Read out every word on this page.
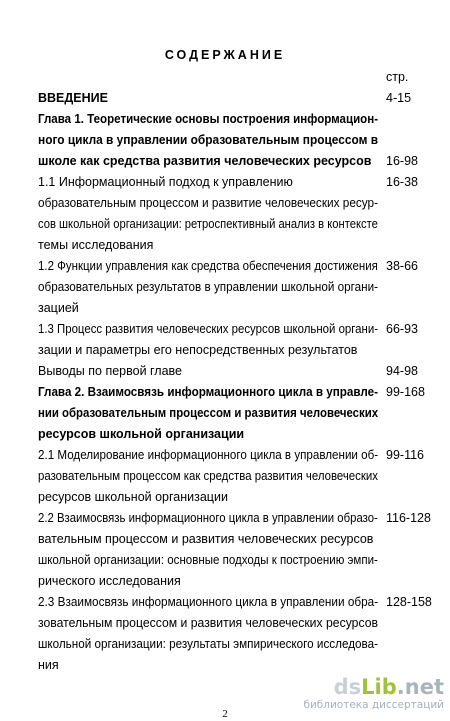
СОДЕРЖАНИЕ
стр.
ВВЕДЕНИЕ	4-15
Глава 1. Теоретические основы построения информацион-
ного цикла в управлении образовательным процессом в
школе как средства развития человеческих ресурсов 16-98
1.1 Информационный подход к управлению	16-38
образовательным процессом и развитие человеческих ресур-
сов школьной организации: ретроспективный анализ в контексте
темы исследования
1.2 Функции управления как средства обеспечения достижения 38-66
образовательных результатов в управлении школьной органи-
зацией
1.3 Процесс развития человеческих ресурсов школьной органи- 66-93
зации и параметры его непосредственных результатов
Выводы по первой главе	94-98
Глава 2. Взаимосвязь информационного цикла в управле- 99-168
нии образовательным процессом и развития человеческих
ресурсов школьной организации
2.1 Моделирование информационного цикла в управлении об- 99-116
разовательным процессом как средства развития человеческих
ресурсов школьной организации
2.2 Взаимосвязь информационного цикла в управлении образо- 116-128
вательным процессом и развития человеческих ресурсов
школьной организации: основные подходы к построению эмпи-
рического исследования
2.3 Взаимосвязь информационного цикла в управлении обра- 128-158
зовательным процессом и развития человеческих ресурсов
школьной организации: результаты эмпирического исследова-
ния
2
dsLib.net
библиотека диссертаций
